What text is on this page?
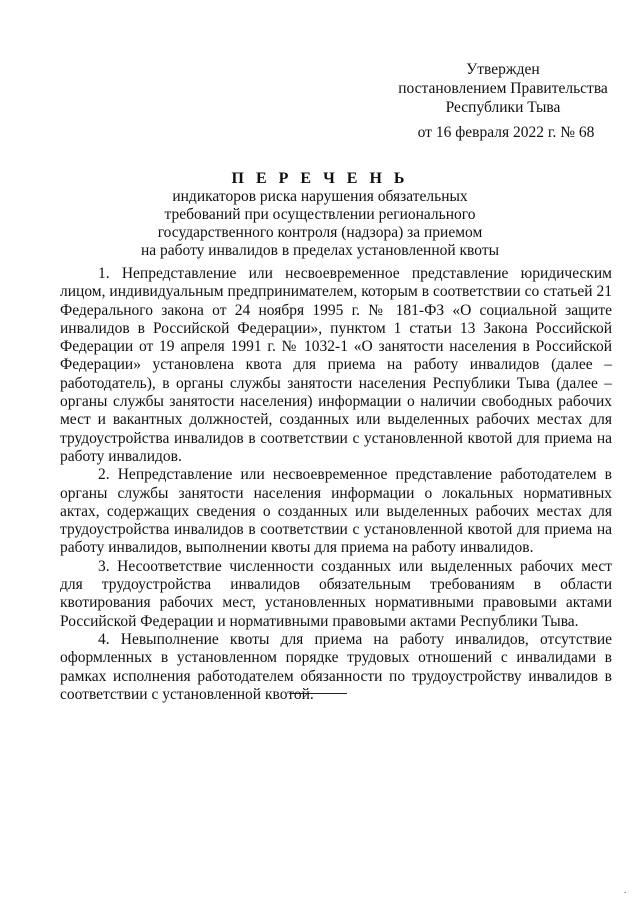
Утвержден
постановлением Правительства
Республики Тыва
от 16 февраля 2022 г. № 68
П Е Р Е Ч Е Н Ь
индикаторов риска нарушения обязательных
требований при осуществлении регионального
государственного контроля (надзора) за приемом
на работу инвалидов в пределах установленной квоты

1. Непредставление или несвоевременное представление юридическим лицом, индивидуальным предпринимателем, которым в соответствии со статьей 21 Федерального закона от 24 ноября 1995 г. № 181-ФЗ «О социальной защите инвалидов в Российской Федерации», пунктом 1 статьи 13 Закона Российской Федерации от 19 апреля 1991 г. № 1032-1 «О занятости населения в Российской Федерации» установлена квота для приема на работу инвалидов (далее – работодатель), в органы службы занятости населения Республики Тыва (далее – органы службы занятости населения) информации о наличии свободных рабочих мест и вакантных должностей, созданных или выделенных рабочих местах для трудоустройства инвалидов в соответствии с установленной квотой для приема на работу инвалидов.

2. Непредставление или несвоевременное представление работодателем в органы службы занятости населения информации о локальных нормативных актах, содержащих сведения о созданных или выделенных рабочих местах для трудоустройства инвалидов в соответствии с установленной квотой для приема на работу инвалидов, выполнении квоты для приема на работу инвалидов.

3. Несоответствие численности созданных или выделенных рабочих мест для трудоустройства инвалидов обязательным требованиям в области квотирования рабочих мест, установленных нормативными правовыми актами Российской Федерации и нормативными правовыми актами Республики Тыва.

4. Невыполнение квоты для приема на работу инвалидов, отсутствие оформленных в установленном порядке трудовых отношений с инвалидами в рамках исполнения работодателем обязанности по трудоустройству инвалидов в соответствии с установленной квотой.

.
